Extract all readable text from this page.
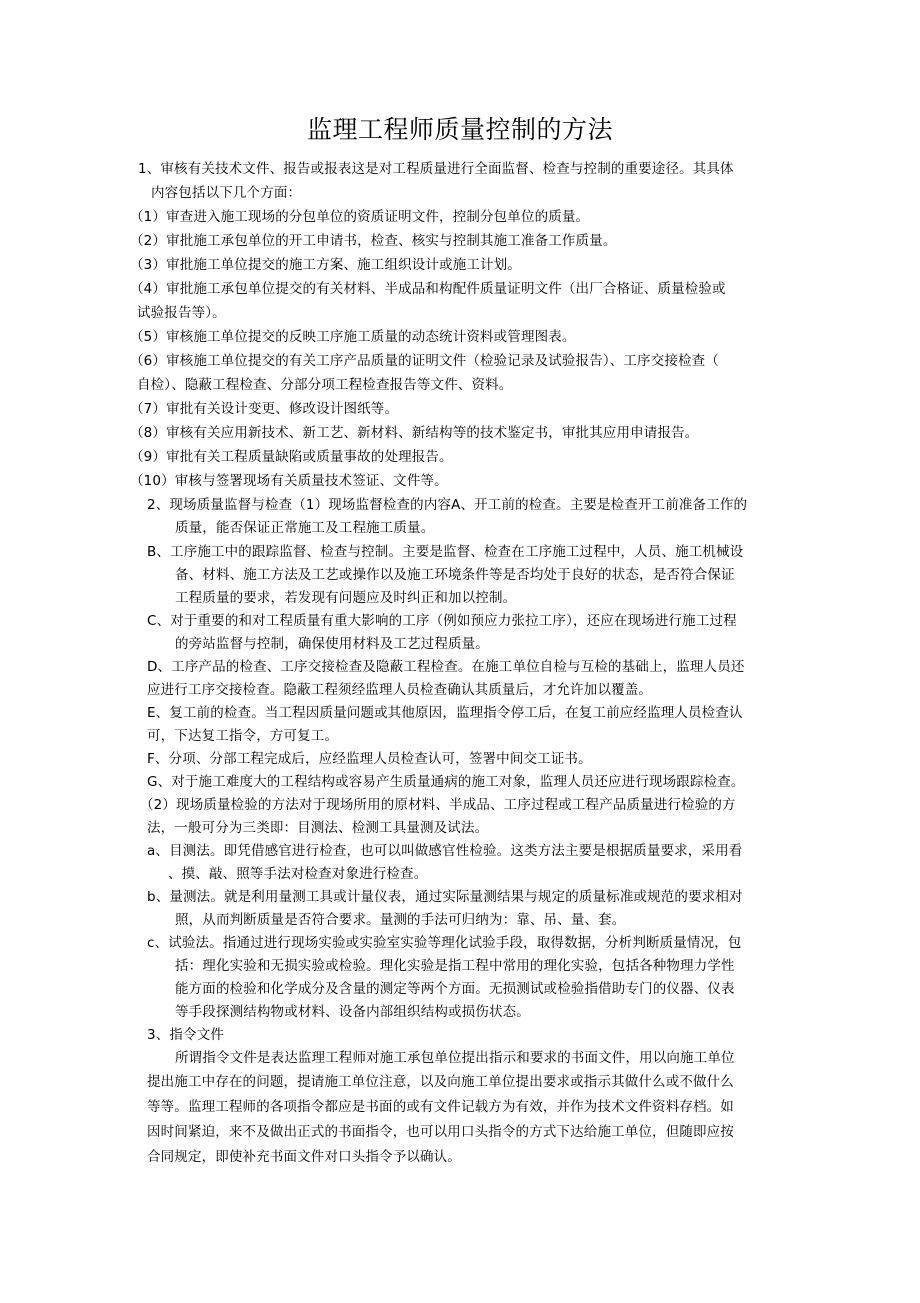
监理工程师质量控制的方法
1、审核有关技术文件、报告或报表这是对工程质量进行全面监督、检查与控制的重要途径。其具体
内容包括以下几个方面：
（1）审查进入施工现场的分包单位的资质证明文件，控制分包单位的质量。
（2）审批施工承包单位的开工申请书，检查、核实与控制其施工准备工作质量。
（3）审批施工单位提交的施工方案、施工组织设计或施工计划。
（4）审批施工承包单位提交的有关材料、半成品和构配件质量证明文件（出厂合格证、质量检验或
试验报告等）。
（5）审核施工单位提交的反映工序施工质量的动态统计资料或管理图表。
（6）审核施工单位提交的有关工序产品质量的证明文件（检验记录及试验报告）、工序交接检查（
自检）、隐蔽工程检查、分部分项工程检查报告等文件、资料。
（7）审批有关设计变更、修改设计图纸等。
（8）审核有关应用新技术、新工艺、新材料、新结构等的技术鉴定书，审批其应用申请报告。
（9）审批有关工程质量缺陷或质量事故的处理报告。
（10）审核与签署现场有关质量技术签证、文件等。
2、现场质量监督与检查（1）现场监督检查的内容A、开工前的检查。主要是检查开工前准备工作的
质量，能否保证正常施工及工程施工质量。
B、工序施工中的跟踪监督、检查与控制。主要是监督、检查在工序施工过程中，人员、施工机械设
备、材料、施工方法及工艺或操作以及施工环境条件等是否均处于良好的状态，是否符合保证
工程质量的要求，若发现有问题应及时纠正和加以控制。
C、对于重要的和对工程质量有重大影响的工序（例如预应力张拉工序），还应在现场进行施工过程
的旁站监督与控制，确保使用材料及工艺过程质量。
D、工序产品的检查、工序交接检查及隐蔽工程检查。在施工单位自检与互检的基础上，监理人员还
应进行工序交接检查。隐蔽工程须经监理人员检查确认其质量后，才允许加以覆盖。
E、复工前的检查。当工程因质量问题或其他原因，监理指令停工后，在复工前应经监理人员检查认
可，下达复工指令，方可复工。
F、分项、分部工程完成后，应经监理人员检查认可，签署中间交工证书。
G、对于施工难度大的工程结构或容易产生质量通病的施工对象，监理人员还应进行现场跟踪检查。
（2）现场质量检验的方法对于现场所用的原材料、半成品、工序过程或工程产品质量进行检验的方
法，一般可分为三类即：目测法、检测工具量测及试法。
a、目测法。即凭借感官进行检查，也可以叫做感官性检验。这类方法主要是根据质量要求，采用看
、摸、敲、照等手法对检查对象进行检查。
b、量测法。就是利用量测工具或计量仪表，通过实际量测结果与规定的质量标准或规范的要求相对
照，从而判断质量是否符合要求。量测的手法可归纳为：靠、吊、量、套。
c、试验法。指通过进行现场实验或实验室实验等理化试验手段，取得数据，分析判断质量情况，包
括：理化实验和无损实验或检验。理化实验是指工程中常用的理化实验，包括各种物理力学性
能方面的检验和化学成分及含量的测定等两个方面。无损测试或检验指借助专门的仪器、仪表
等手段探测结构物或材料、设备内部组织结构或损伤状态。
3、指令文件
所谓指令文件是表达监理工程师对施工承包单位提出指示和要求的书面文件，用以向施工单位
提出施工中存在的问题，提请施工单位注意，以及向施工单位提出要求或指示其做什么或不做什么
等等。监理工程师的各项指令都应是书面的或有文件记载方为有效，并作为技术文件资料存档。如
因时间紧迫，来不及做出正式的书面指令，也可以用口头指令的方式下达给施工单位，但随即应按
合同规定，即使补充书面文件对口头指令予以确认。
